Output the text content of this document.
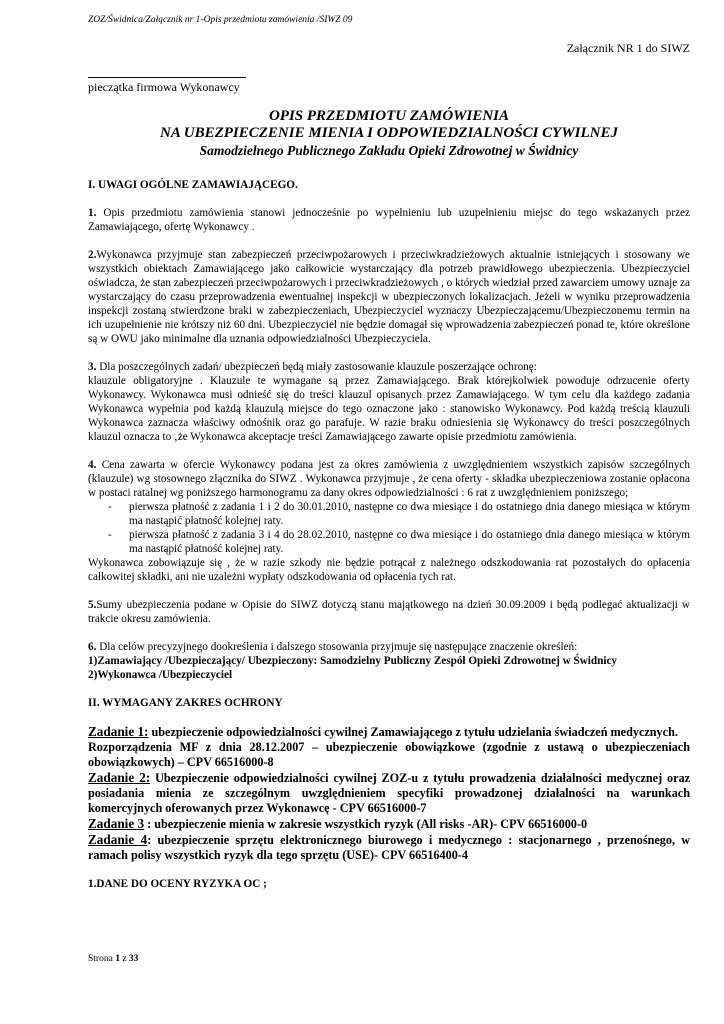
ZOZ/Świdnica/Załącznik nr 1-Opis przedmiotu zamówienia /SIWZ 09
Załącznik NR 1 do SIWZ
pieczątka firmowa Wykonawcy
OPIS PRZEDMIOTU ZAMÓWIENIA
NA UBEZPIECZENIE MIENIA I ODPOWIEDZIALNOŚCI CYWILNEJ
Samodzielnego Publicznego Zakładu Opieki Zdrowotnej w Świdnicy

I. UWAGI OGÓLNE ZAMAWIAJĄCEGO.

1. Opis przedmiotu zamówienia stanowi jednocześnie po wypełnieniu lub uzupełnieniu miejsc do tego wskazanych przez Zamawiającego, ofertę Wykonawcy .

2.Wykonawca przyjmuje stan zabezpieczeń przeciwpożarowych i przeciwkradzieżowych aktualnie istniejących i stosowany we wszystkich obiektach Zamawiającego jako całkowicie wystarczający dla potrzeb prawidłowego ubezpieczenia. Ubezpieczyciel oświadcza, że stan zabezpieczeń przeciwpożarowych i przeciwkradzieżowych , o których wiedział przed zawarciem umowy uznaje za wystarczający do czasu przeprowadzenia ewentualnej inspekcji w ubezpieczonych lokalizacjach. Jeżeli w wyniku przeprowadzenia inspekcji zostaną stwierdzone braki w zabezpieczeniach, Ubezpieczyciel wyznaczy Ubezpieczającemu/Ubezpieczonemu termin na ich uzupełnienie nie krótszy niż 60 dni. Ubezpieczyciel nie będzie domagał się wprowadzenia zabezpieczeń ponad te, które określone są w OWU jako minimalne dla uznania odpowiedzialności Ubezpieczyciela.

3. Dla poszczególnych zadań/ ubezpieczeń będą miały zastosowanie klauzule poszerzające ochronę:

klauzule obligatoryjne . Klauzule te wymagane są przez Zamawiającego. Brak którejkolwiek powoduje odrzucenie oferty Wykonawcy. Wykonawca musi odnieść się do treści klauzul opisanych przez Zamawiającego. W tym celu dla każdego zadania Wykonawca wypełnia pod każdą klauzulą miejsce do tego oznaczone jako : stanowisko Wykonawcy. Pod każdą treścią klauzuli Wykonawca zaznacza właściwy odnośnik oraz go parafuje. W razie braku odniesienia się Wykonawcy do treści poszczególnych klauzul oznacza to ‚że Wykonawca akceptacje treści Zamawiającego zawarte opisie przedmiotu zamówienia.

4. Cena zawarta w ofercie Wykonawcy podana jest za okres zamówienia z uwzględnieniem wszystkich zapisów szczególnych (klauzule) wg stosownego złącznika do SIWZ . Wykonawca przyjmuje , że cena oferty - składka ubezpieczeniowa zostanie opłacona w postaci ratalnej wg poniższego harmonogramu za dany okres odpowiedzialności : 6 rat z uwzględnieniem poniższego;

- pierwsza płatność z zadania 1 i 2 do 30.01.2010, następne co dwa miesiące i do ostatniego dnia danego miesiąca w którym ma nastąpić płatność kolejnej raty.
- pierwsza płatność z zadania 3 i 4 do 28.02.2010, następne co dwa miesiące i do ostatniego dnia danego miesiąca w którym ma nastąpić płatność kolejnej raty.

Wykonawca zobowiązuje się , że w razie szkody nie będzie potrącał z należnego odszkodowania rat pozostałych do opłacenia całkowitej składki, ani nie uzależni wypłaty odszkodowania od opłacenia tych rat.

5.Sumy ubezpieczenia podane w Opisie do SIWZ dotyczą stanu majątkowego na dzień 30.09.2009 i będą podlegać aktualizacji w trakcie okresu zamówienia.

6. Dla celów precyzyjnego dookreślenia i dalszego stosowania przyjmuje się następujące znaczenie określeń:

1)Zamawiający /Ubezpieczający/ Ubezpieczony: Samodzielny Publiczny Zespół Opieki Zdrowotnej w Świdnicy

2)Wykonawca /Ubezpieczyciel

II. WYMAGANY ZAKRES OCHRONY

Zadanie 1: ubezpieczenie odpowiedzialności cywilnej Zamawiającego z tytułu udzielania świadczeń medycznych.

Rozporządzenia MF z dnia 28.12.2007 – ubezpieczenie obowiązkowe (zgodnie z ustawą o ubezpieczeniach obowiązkowych) – CPV 66516000-8

Zadanie 2: Ubezpieczenie odpowiedzialności cywilnej ZOZ-u z tytułu prowadzenia działalności medycznej oraz posiadania mienia ze szczególnym uwzględnieniem specyfiki prowadzonej działalności na warunkach komercyjnych oferowanych przez Wykonawcę - CPV 66516000-7

Zadanie 3 : ubezpieczenie mienia w zakresie wszystkich ryzyk (All risks -AR)- CPV 66516000-0

Zadanie 4: ubezpieczenie sprzętu elektronicznego biurowego i medycznego : stacjonarnego , przenośnego, w ramach polisy wszystkich ryzyk dla tego sprzętu (USE)- CPV 66516400-4

1.DANE DO OCENY RYZYKA OC ;

Strona 1 z 33
